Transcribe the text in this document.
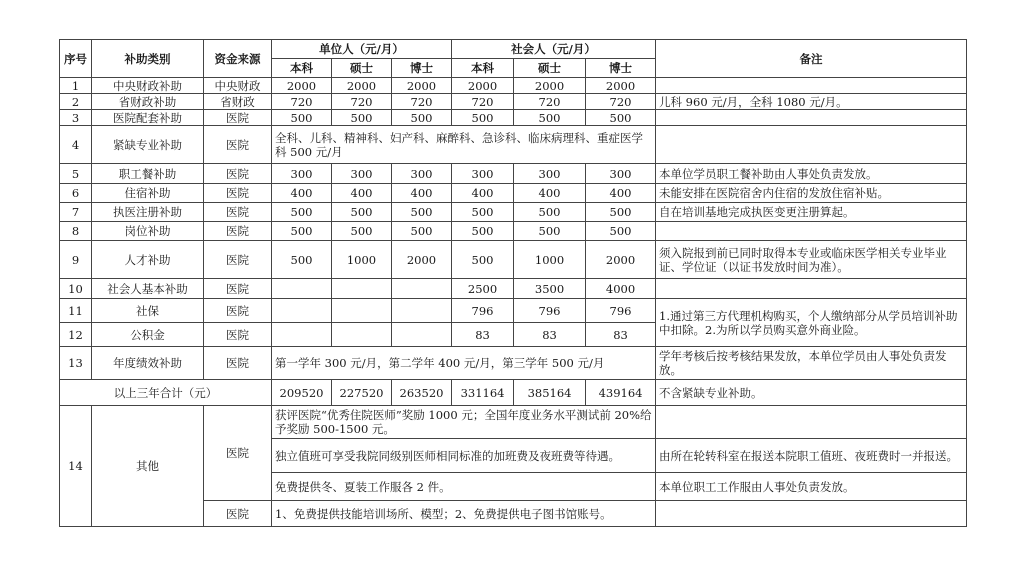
序号	补助类别	资金来源	单位人（元/月）			社会人（元/月）			备注
			本科	硕士	博士	本科	硕士	博士	
1	中央财政补助	中央财政	2000	2000	2000	2000	2000	2000	
2	省财政补助	省财政	720	720	720	720	720	720	儿科 960 元/月，全科 1080 元/月。
3	医院配套补助	医院	500	500	500	500	500	500	
4	紧缺专业补助	医院	全科、儿科、精神科、妇产科、麻醉科、急诊科、临床病理科、重症医学科 500 元/月						
5	职工餐补助	医院	300	300	300	300	300	300	本单位学员职工餐补助由人事处负责发放。
6	住宿补助	医院	400	400	400	400	400	400	未能安排在医院宿舍内住宿的发放住宿补贴。
7	执医注册补助	医院	500	500	500	500	500	500	自在培训基地完成执医变更注册算起。
8	岗位补助	医院	500	500	500	500	500	500	
9	人才补助	医院	500	1000	2000	500	1000	2000	须入院报到前已同时取得本专业或临床医学相关专业毕业证、学位证（以证书发放时间为准）。
10	社会人基本补助	医院				2500	3500	4000	
11	社保	医院				796	796	796	1.通过第三方代理机构购买，个人缴纳部分从学员培训补助中扣除。2.为所以学员购买意外商业险。
12	公积金	医院				83	83	83	
13	年度绩效补助	医院	第一学年 300 元/月，第二学年 400 元/月，第三学年 500 元/月						学年考核后按考核结果发放，本单位学员由人事处负责发放。
以上三年合计（元）			209520	227520	263520	331164	385164	439164	不含紧缺专业补助。
14	其他	医院	获评医院“优秀住院医师”奖励 1000 元；全国年度业务水平测试前 20%给予奖励 500-1500 元。						
			独立值班可享受我院同级别医师相同标准的加班费及夜班费等待遇。						由所在轮转科室在报送本院职工值班、夜班费时一并报送。
			免费提供冬、夏装工作服各 2 件。						本单位职工工作服由人事处负责发放。
		医院	1、免费提供技能培训场所、模型；2、免费提供电子图书馆账号。						
